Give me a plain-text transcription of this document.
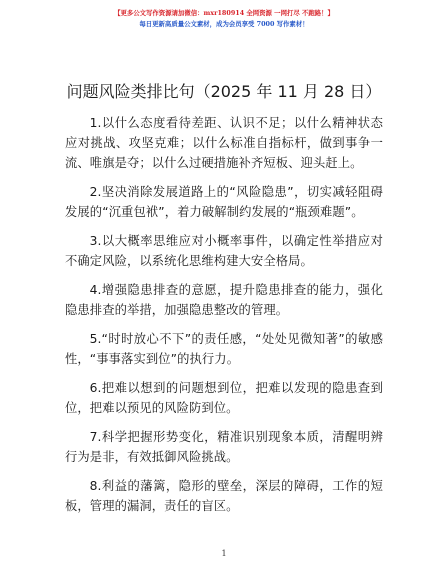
【更多公文写作资源请加微信：mxr180914 全网资源 一网打尽 不跑路！】
每日更新高质量公文素材，成为会员享受 7000 写作素材！
问题风险类排比句（2025 年 11 月 28 日）

1.以什么态度看待差距、认识不足；以什么精神状态应对挑战、攻坚克难；以什么标准自指标杆，做到事争一流、唯旗是夺；以什么过硬措施补齐短板、迎头赶上。

2.坚决消除发展道路上的“风险隐患”，切实减轻阻碍发展的“沉重包袱”，着力破解制约发展的“瓶颈难题”。

3.以大概率思维应对小概率事件，以确定性举措应对不确定风险，以系统化思维构建大安全格局。

4.增强隐患排查的意愿，提升隐患排查的能力，强化隐患排查的举措，加强隐患整改的管理。

5.“时时放心不下”的责任感，“处处见微知著”的敏感性，“事事落实到位”的执行力。

6.把难以想到的问题想到位，把难以发现的隐患查到位，把难以预见的风险防到位。

7.科学把握形势变化，精准识别现象本质，清醒明辨行为是非，有效抵御风险挑战。

8.利益的藩篱，隐形的壁垒，深层的障碍，工作的短板，管理的漏洞，责任的盲区。

1
